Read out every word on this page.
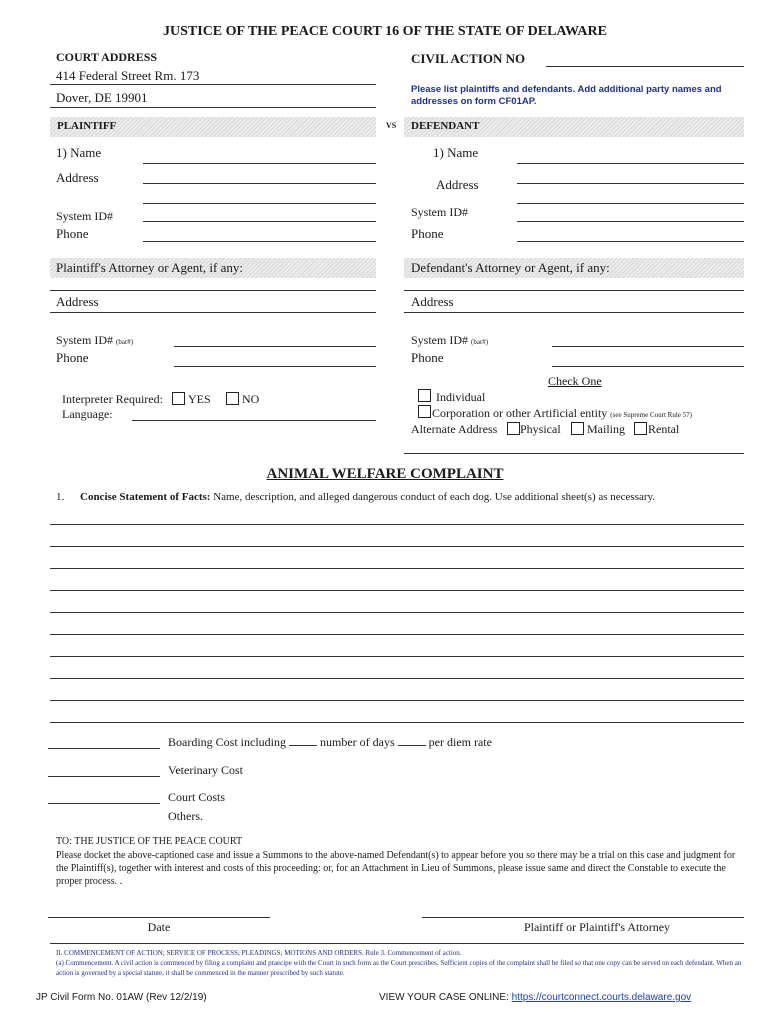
JUSTICE OF THE PEACE COURT 16 OF THE STATE OF DELAWARE
COURT ADDRESS
414 Federal Street Rm. 173
Dover, DE 19901
CIVIL ACTION NO
Please list plaintiffs and defendants. Add additional party names and addresses on form CF01AP.
PLAINTIFF	VS DEFENDANT
1) Name
Address
System ID#
Phone
1) Name
Address
System ID#
Phone
Plaintiff's Attorney or Agent, if any:	Defendant's Attorney or Agent, if any:
Address	Address
System ID# (bar#)	System ID# (bar#)
Phone	Phone
Check One
Interpreter Required: YES	NO
Language:
Individual
Corporation or other Artificial entity (see Supreme Court Rule 57)
Alternate Address Physical Mailing Rental
ANIMAL WELFARE COMPLAINT
1. Concise Statement of Facts: Name, description, and alleged dangerous conduct of each dog. Use additional sheet(s) as necessary.
Boarding Cost including	number of days	per diem rate
Veterinary Cost
Court Costs
Others.
TO: THE JUSTICE OF THE PEACE COURT
Please docket the above-captioned case and issue a Summons to the above-named Defendant(s) to appear before you so there may be a trial on this case and judgment for the Plaintiff(s), together with interest and costs of this proceeding: or, for an Attachment in Lieu of Summons, please issue same and direct the Constable to execute the proper process. .
Date	Plaintiff or Plaintiff's Attorney
II. COMMENCEMENT OF ACTION; SERVICE OF PROCESS; PLEADINGS; MOTIONS AND ORDERS. Rule 3. Commencement of action.
(a) Commencement. A civil action is commenced by filing a complaint and praecipe with the Court in such form as the Court prescribes. Sufficient copies of the complaint shall be filed so that one copy can be served on each defendant. When an action is governed by a special statute, it shall be commenced in the manner prescribed by such statute.
JP Civil Form No. 01AW (Rev 12/2/19)	VIEW YOUR CASE ONLINE: https://courtconnect.courts.delaware.gov
